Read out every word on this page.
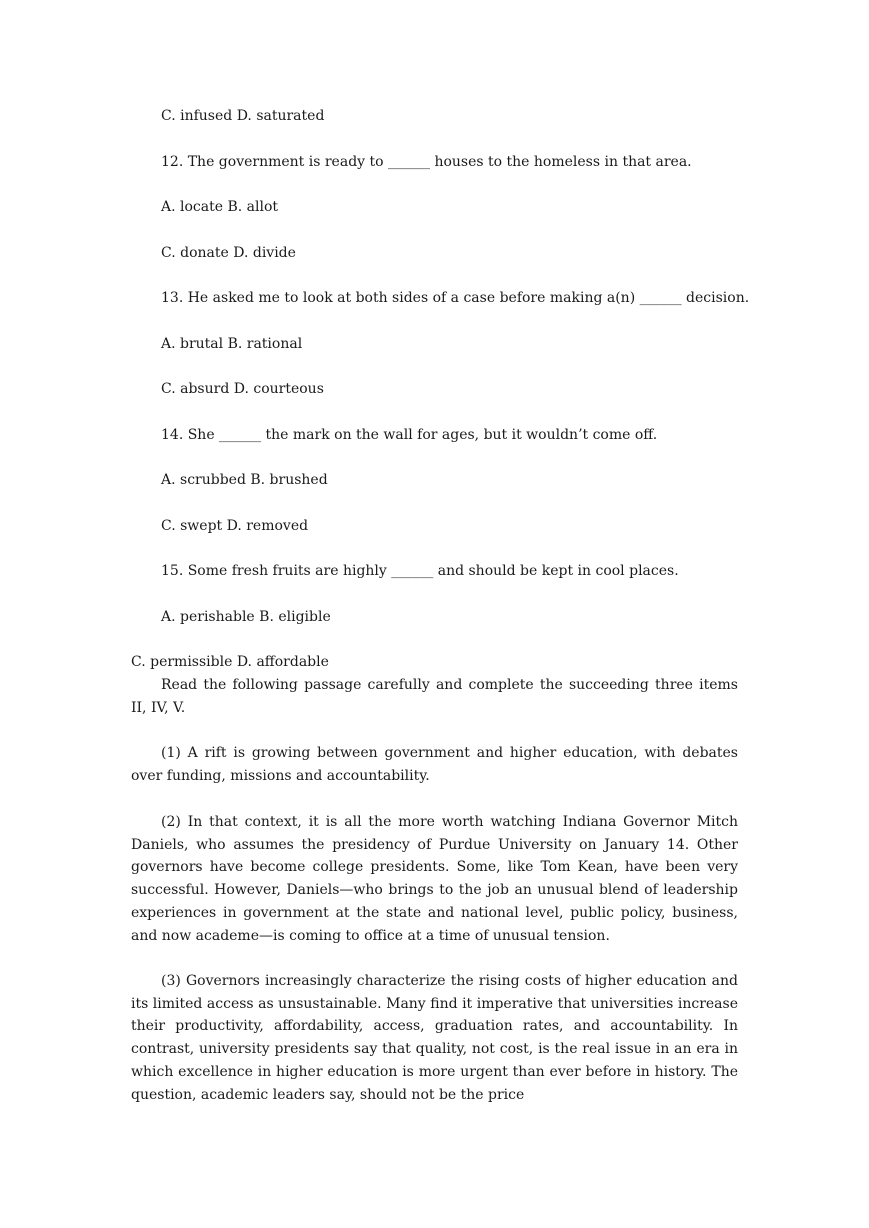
C. infused D. saturated
12. The government is ready to ______ houses to the homeless in that area.
A. locate B. allot
C. donate D. divide
13. He asked me to look at both sides of a case before making a(n) ______ decision.
A. brutal B. rational
C. absurd D. courteous
14. She ______ the mark on the wall for ages, but it wouldn’t come off.
A. scrubbed B. brushed
C. swept D. removed
15. Some fresh fruits are highly ______ and should be kept in cool places.
A. perishable B. eligible
C. permissible D. affordable
Read the following passage carefully and complete the succeeding three items II, IV, V.
(1) A rift is growing between government and higher education, with debates over funding, missions and accountability.
(2) In that context, it is all the more worth watching Indiana Governor Mitch Daniels, who assumes the presidency of Purdue University on January 14. Other governors have become college presidents. Some, like Tom Kean, have been very successful. However, Daniels—who brings to the job an unusual blend of leadership experiences in government at the state and national level, public policy, business, and now academe—is coming to office at a time of unusual tension.
(3) Governors increasingly characterize the rising costs of higher education and its limited access as unsustainable. Many find it imperative that universities increase their productivity, affordability, access, graduation rates, and accountability. In contrast, university presidents say that quality, not cost, is the real issue in an era in which excellence in higher education is more urgent than ever before in history. The question, academic leaders say, should not be the price
